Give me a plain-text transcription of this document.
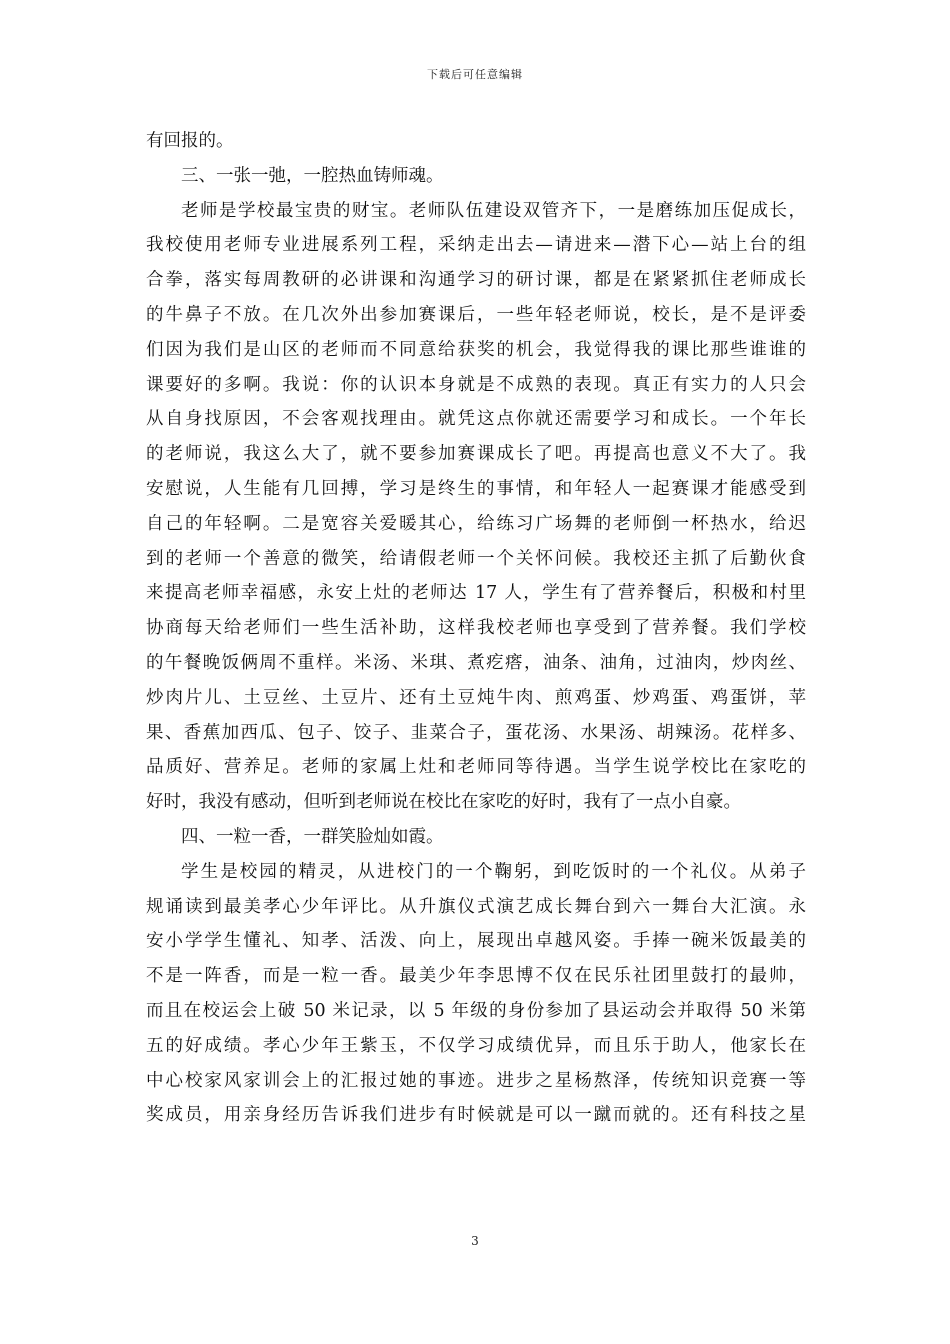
下载后可任意编辑
有回报的。
三、一张一弛，一腔热血铸师魂。
老师是学校最宝贵的财宝。老师队伍建设双管齐下，一是磨练加压促成长，
我校使用老师专业进展系列工程，采纳走出去—请进来—潜下心—站上台的组
合拳，落实每周教研的必讲课和沟通学习的研讨课，都是在紧紧抓住老师成长
的牛鼻子不放。在几次外出参加赛课后，一些年轻老师说，校长，是不是评委
们因为我们是山区的老师而不同意给获奖的机会，我觉得我的课比那些谁谁的
课要好的多啊。我说：你的认识本身就是不成熟的表现。真正有实力的人只会
从自身找原因，不会客观找理由。就凭这点你就还需要学习和成长。一个年长
的老师说，我这么大了，就不要参加赛课成长了吧。再提高也意义不大了。我
安慰说，人生能有几回搏，学习是终生的事情，和年轻人一起赛课才能感受到
自己的年轻啊。二是宽容关爱暖其心，给练习广场舞的老师倒一杯热水，给迟
到的老师一个善意的微笑，给请假老师一个关怀问候。我校还主抓了后勤伙食
来提高老师幸福感，永安上灶的老师达 17 人，学生有了营养餐后，积极和村里
协商每天给老师们一些生活补助，这样我校老师也享受到了营养餐。我们学校
的午餐晚饭俩周不重样。米汤、米琪、煮疙瘩，油条、油角，过油肉，炒肉丝、
炒肉片儿、土豆丝、土豆片、还有土豆炖牛肉、煎鸡蛋、炒鸡蛋、鸡蛋饼，苹
果、香蕉加西瓜、包子、饺子、韭菜合子，蛋花汤、水果汤、胡辣汤。花样多、
品质好、营养足。老师的家属上灶和老师同等待遇。当学生说学校比在家吃的
好时，我没有感动，但听到老师说在校比在家吃的好时，我有了一点小自豪。
四、一粒一香，一群笑脸灿如霞。
学生是校园的精灵，从进校门的一个鞠躬，到吃饭时的一个礼仪。从弟子
规诵读到最美孝心少年评比。从升旗仪式演艺成长舞台到六一舞台大汇演。永
安小学学生懂礼、知孝、活泼、向上，展现出卓越风姿。手捧一碗米饭最美的
不是一阵香，而是一粒一香。最美少年李思博不仅在民乐社团里鼓打的最帅，
而且在校运会上破 50 米记录，以 5 年级的身份参加了县运动会并取得 50 米第
五的好成绩。孝心少年王紫玉，不仅学习成绩优异，而且乐于助人，他家长在
中心校家风家训会上的汇报过她的事迹。进步之星杨熬泽，传统知识竞赛一等
奖成员，用亲身经历告诉我们进步有时候就是可以一蹴而就的。还有科技之星
3
